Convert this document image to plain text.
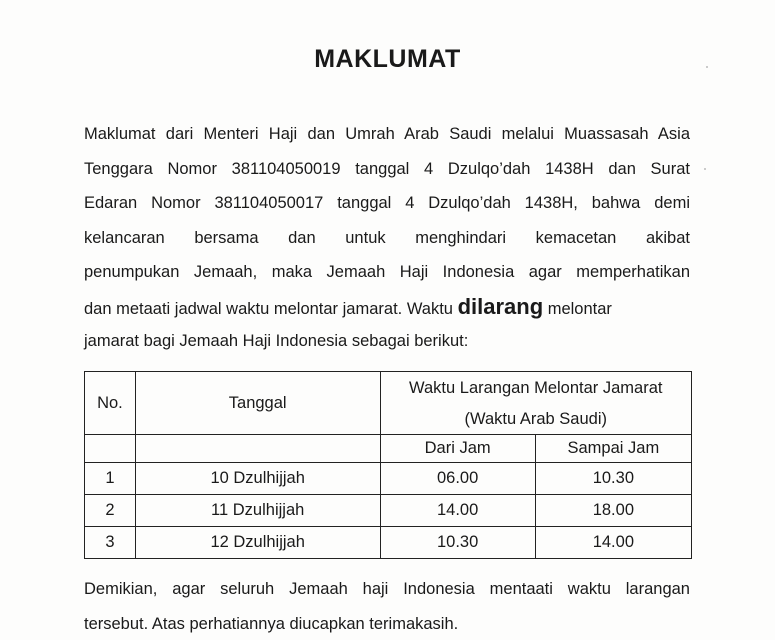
MAKLUMAT
Maklumat dari Menteri Haji dan Umrah Arab Saudi melalui Muassasah Asia
Tenggara Nomor 381104050019 tanggal 4 Dzulqo’dah 1438H dan Surat
Edaran Nomor 381104050017 tanggal 4 Dzulqo’dah 1438H, bahwa demi
kelancaran bersama dan untuk menghindari kemacetan akibat
penumpukan Jemaah, maka Jemaah Haji Indonesia agar memperhatikan
dan metaati jadwal waktu melontar jamarat. Waktu dilarang melontar
jamarat bagi Jemaah Haji Indonesia sebagai berikut:
No.	Tanggal	Waktu Larangan Melontar Jamarat	
		(Waktu Arab Saudi)	
		Dari Jam	Sampai Jam
1	10 Dzulhijjah	06.00	10.30
2	11 Dzulhijjah	14.00	18.00
3	12 Dzulhijjah	10.30	14.00
Demikian, agar seluruh Jemaah haji Indonesia mentaati waktu larangan
tersebut. Atas perhatiannya diucapkan terimakasih.
